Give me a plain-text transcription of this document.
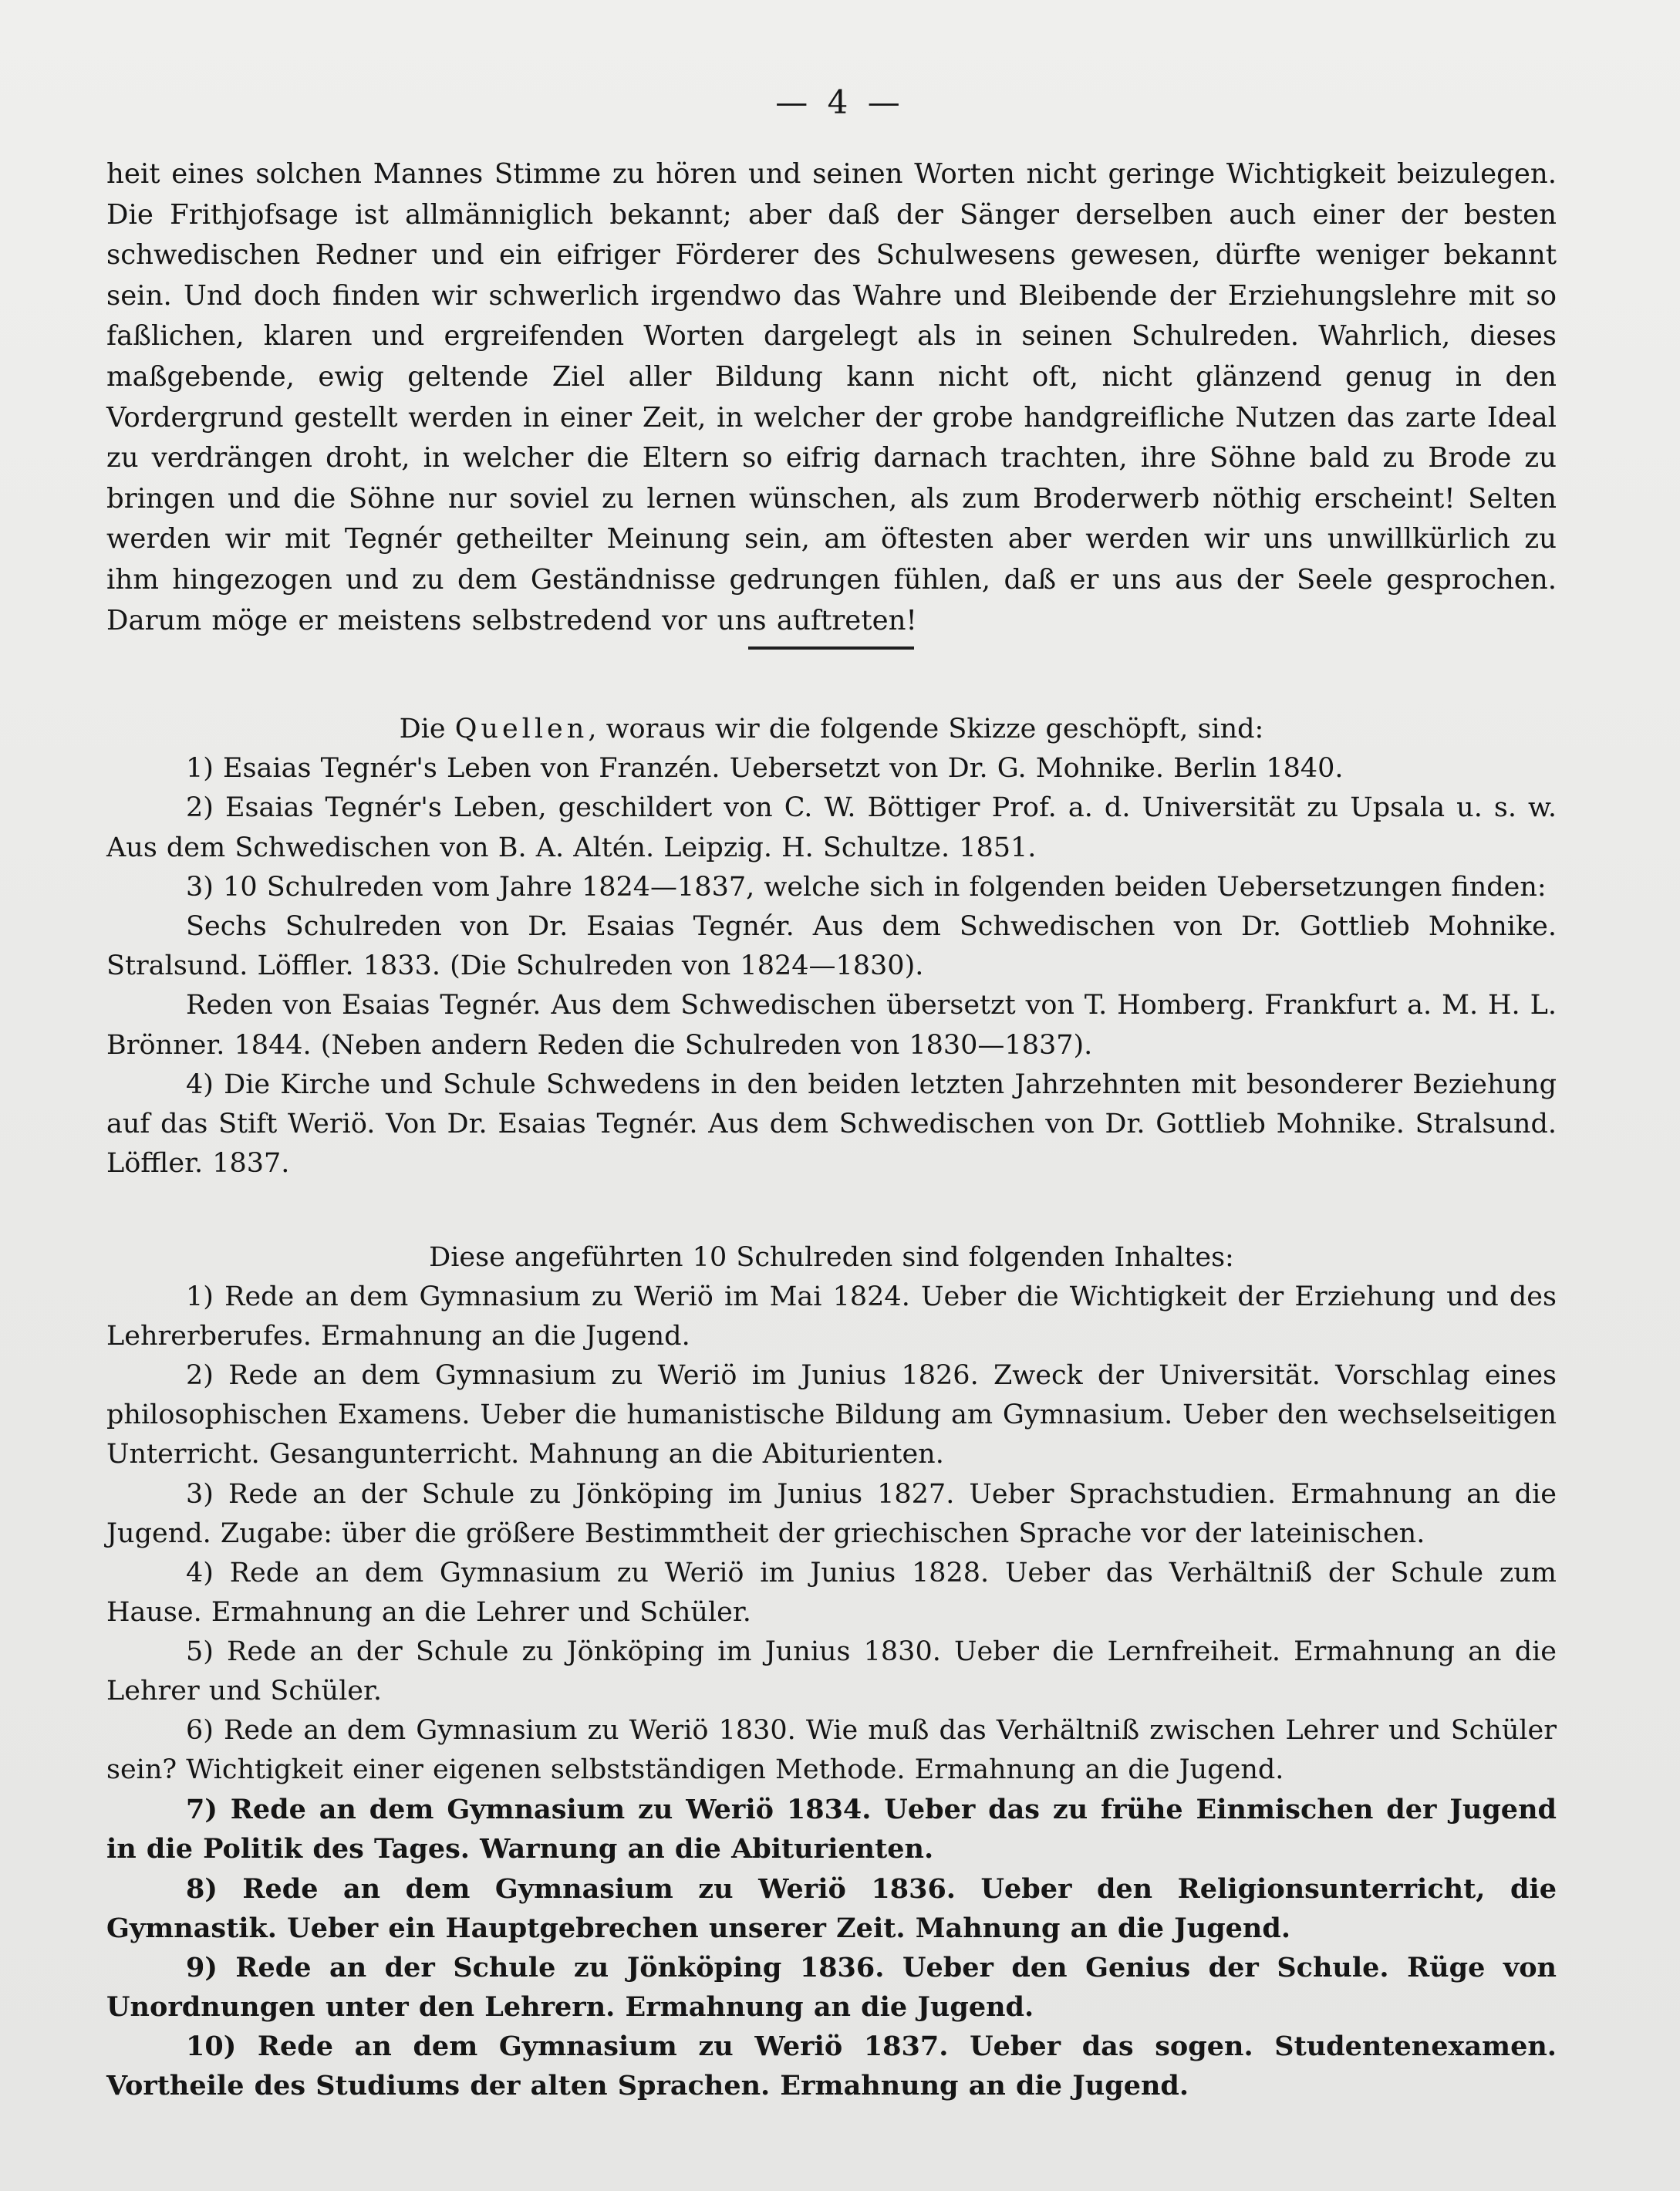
— 4 —

heit eines solchen Mannes Stimme zu hören und seinen Worten nicht geringe Wichtigkeit beizulegen. Die Frithjofsage ist allmänniglich bekannt; aber daß der Sänger derselben auch einer der besten schwedischen Redner und ein eifriger Förderer des Schulwesens gewesen, dürfte weniger bekannt sein. Und doch finden wir schwerlich irgendwo das Wahre und Bleibende der Erziehungslehre mit so faßlichen, klaren und ergreifenden Worten dargelegt als in seinen Schulreden. Wahrlich, dieses maßgebende, ewig geltende Ziel aller Bildung kann nicht oft, nicht glänzend genug in den Vordergrund gestellt werden in einer Zeit, in welcher der grobe handgreifliche Nutzen das zarte Ideal zu verdrängen droht, in welcher die Eltern so eifrig darnach trachten, ihre Söhne bald zu Brode zu bringen und die Söhne nur soviel zu lernen wünschen, als zum Broderwerb nöthig erscheint! Selten werden wir mit Tegnér getheilter Meinung sein, am öftesten aber werden wir uns unwillkürlich zu ihm hingezogen und zu dem Geständnisse gedrungen fühlen, daß er uns aus der Seele gesprochen. Darum möge er meistens selbstredend vor uns auftreten!

Die Quellen, woraus wir die folgende Skizze geschöpft, sind:

1) Esaias Tegnér's Leben von Franzén. Uebersetzt von Dr. G. Mohnike. Berlin 1840.

2) Esaias Tegnér's Leben, geschildert von C. W. Böttiger Prof. a. d. Universität zu Upsala u. s. w. Aus dem Schwedischen von B. A. Altén. Leipzig. H. Schultze. 1851.

3) 10 Schulreden vom Jahre 1824—1837, welche sich in folgenden beiden Uebersetzungen finden:

Sechs Schulreden von Dr. Esaias Tegnér. Aus dem Schwedischen von Dr. Gottlieb Mohnike. Stralsund. Löffler. 1833. (Die Schulreden von 1824—1830).

Reden von Esaias Tegnér. Aus dem Schwedischen übersetzt von T. Homberg. Frankfurt a. M. H. L. Brönner. 1844. (Neben andern Reden die Schulreden von 1830—1837).

4) Die Kirche und Schule Schwedens in den beiden letzten Jahrzehnten mit besonderer Beziehung auf das Stift Weriö. Von Dr. Esaias Tegnér. Aus dem Schwedischen von Dr. Gottlieb Mohnike. Stralsund. Löffler. 1837.

Diese angeführten 10 Schulreden sind folgenden Inhaltes:

1) Rede an dem Gymnasium zu Weriö im Mai 1824. Ueber die Wichtigkeit der Erziehung und des Lehrerberufes. Ermahnung an die Jugend.

2) Rede an dem Gymnasium zu Weriö im Junius 1826. Zweck der Universität. Vorschlag eines philosophischen Examens. Ueber die humanistische Bildung am Gymnasium. Ueber den wechselseitigen Unterricht. Gesangunterricht. Mahnung an die Abiturienten.

3) Rede an der Schule zu Jönköping im Junius 1827. Ueber Sprachstudien. Ermahnung an die Jugend. Zugabe: über die größere Bestimmtheit der griechischen Sprache vor der lateinischen.

4) Rede an dem Gymnasium zu Weriö im Junius 1828. Ueber das Verhältniß der Schule zum Hause. Ermahnung an die Lehrer und Schüler.

5) Rede an der Schule zu Jönköping im Junius 1830. Ueber die Lernfreiheit. Ermahnung an die Lehrer und Schüler.

6) Rede an dem Gymnasium zu Weriö 1830. Wie muß das Verhältniß zwischen Lehrer und Schüler sein? Wichtigkeit einer eigenen selbstständigen Methode. Ermahnung an die Jugend.

7) Rede an dem Gymnasium zu Weriö 1834. Ueber das zu frühe Einmischen der Jugend in die Politik des Tages. Warnung an die Abiturienten.

8) Rede an dem Gymnasium zu Weriö 1836. Ueber den Religionsunterricht, die Gymnastik. Ueber ein Hauptgebrechen unserer Zeit. Mahnung an die Jugend.

9) Rede an der Schule zu Jönköping 1836. Ueber den Genius der Schule. Rüge von Unordnungen unter den Lehrern. Ermahnung an die Jugend.

10) Rede an dem Gymnasium zu Weriö 1837. Ueber das sogen. Studentenexamen. Vortheile des Studiums der alten Sprachen. Ermahnung an die Jugend.
